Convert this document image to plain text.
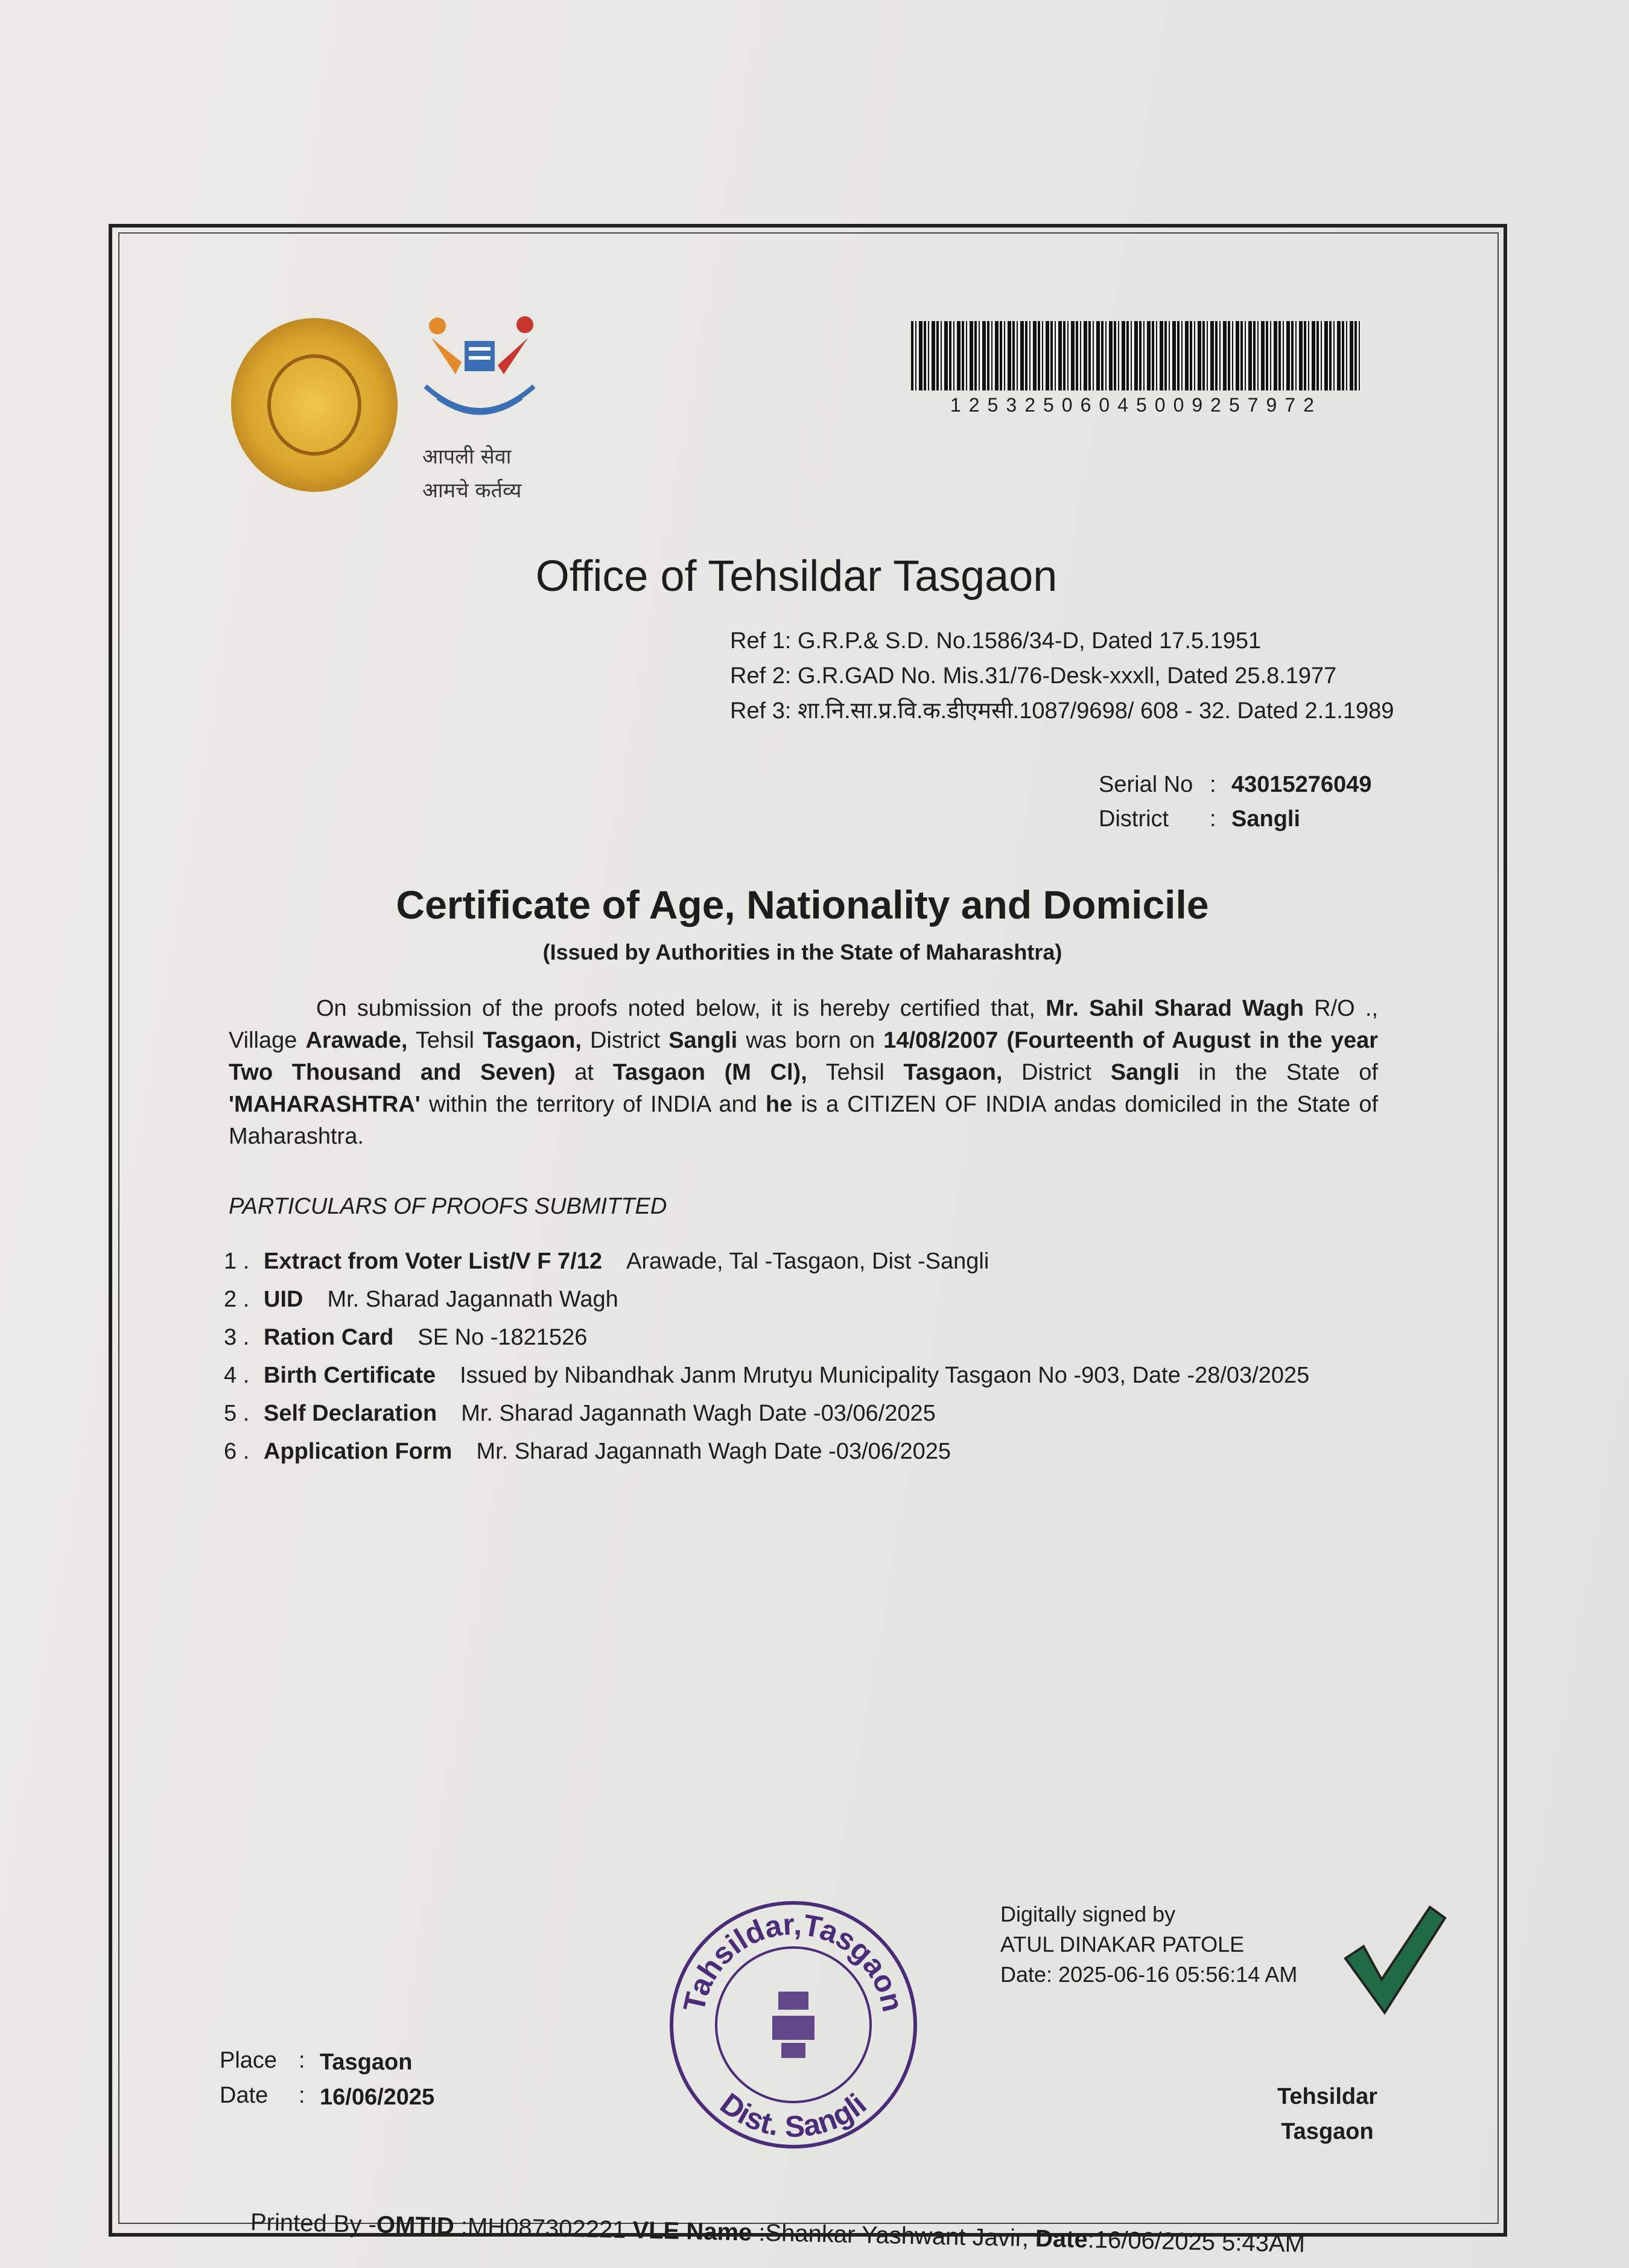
आपली सेवा
आमचे कर्तव्य
12532506045009257972
Office of Tehsildar Tasgaon
Ref 1: G.R.P.& S.D. No.1586/34-D, Dated 17.5.1951
Ref 2: G.R.GAD No. Mis.31/76-Desk-xxxll, Dated 25.8.1977
Ref 3: शा.नि.सा.प्र.वि.क.डीएमसी.1087/9698/ 608 - 32. Dated 2.1.1989
Serial No : 43015276049
District : Sangli
Certificate of Age, Nationality and Domicile
(Issued by Authorities in the State of Maharashtra)
On submission of the proofs noted below, it is hereby certified that, Mr. Sahil Sharad Wagh R/O ., Village Arawade, Tehsil Tasgaon, District Sangli was born on 14/08/2007 (Fourteenth of August in the year Two Thousand and Seven) at Tasgaon (M Cl), Tehsil Tasgaon, District Sangli in the State of 'MAHARASHTRA' within the territory of INDIA and he is a CITIZEN OF INDIA andas domiciled in the State of Maharashtra.
PARTICULARS OF PROOFS SUBMITTED
1 . Extract from Voter List/V F 7/12 Arawade, Tal -Tasgaon, Dist -Sangli
2 . UID Mr. Sharad Jagannath Wagh
3 . Ration Card SE No -1821526
4 . Birth Certificate Issued by Nibandhak Janm Mrutyu Municipality Tasgaon No -903, Date -28/03/2025
5 . Self Declaration Mr. Sharad Jagannath Wagh Date -03/06/2025
6 . Application Form Mr. Sharad Jagannath Wagh Date -03/06/2025
Tahsildar,Tasgaon
Dist. Sangli
Digitally signed by
ATUL DINAKAR PATOLE
Date: 2025-06-16 05:56:14 AM
Place : Tasgaon
Date : 16/06/2025	Tehsildar
Tasgaon
Printed By -OMTID :MH087302221 VLE Name :Shankar Yashwant Javir, Date:16/06/2025 5:43AM
